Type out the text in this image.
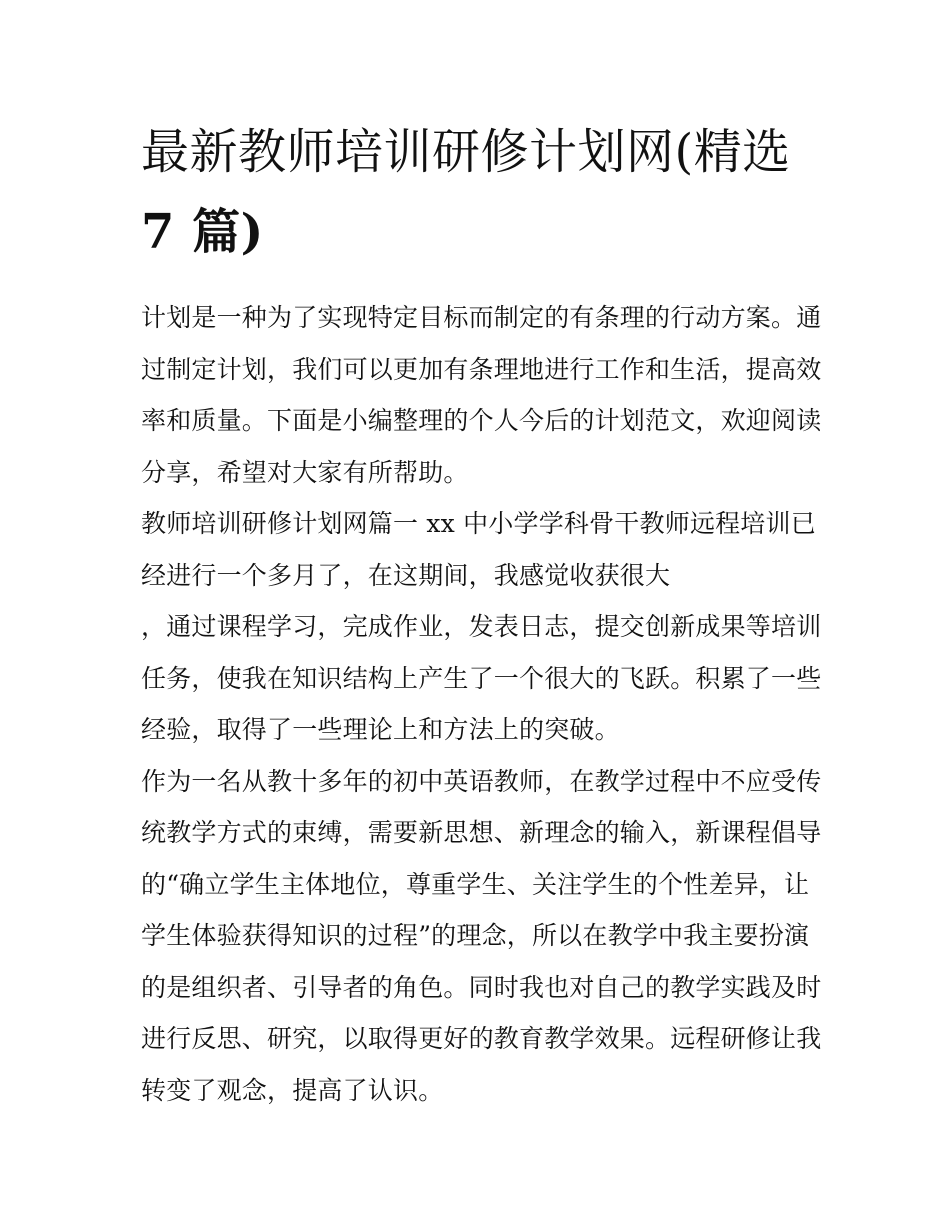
最新教师培训研修计划网(精选
7 篇)
计划是一种为了实现特定目标而制定的有条理的行动方案。通
过制定计划，我们可以更加有条理地进行工作和生活，提高效
率和质量。下面是小编整理的个人今后的计划范文，欢迎阅读
分享，希望对大家有所帮助。
教师培训研修计划网篇一 xx 中小学学科骨干教师远程培训已
经进行一个多月了，在这期间，我感觉收获很大
，通过课程学习，完成作业，发表日志，提交创新成果等培训
任务，使我在知识结构上产生了一个很大的飞跃。积累了一些
经验，取得了一些理论上和方法上的突破。
作为一名从教十多年的初中英语教师，在教学过程中不应受传
统教学方式的束缚，需要新思想、新理念的输入，新课程倡导
的“确立学生主体地位，尊重学生、关注学生的个性差异，让
学生体验获得知识的过程”的理念，所以在教学中我主要扮演
的是组织者、引导者的角色。同时我也对自己的教学实践及时
进行反思、研究，以取得更好的教育教学效果。远程研修让我
转变了观念，提高了认识。
